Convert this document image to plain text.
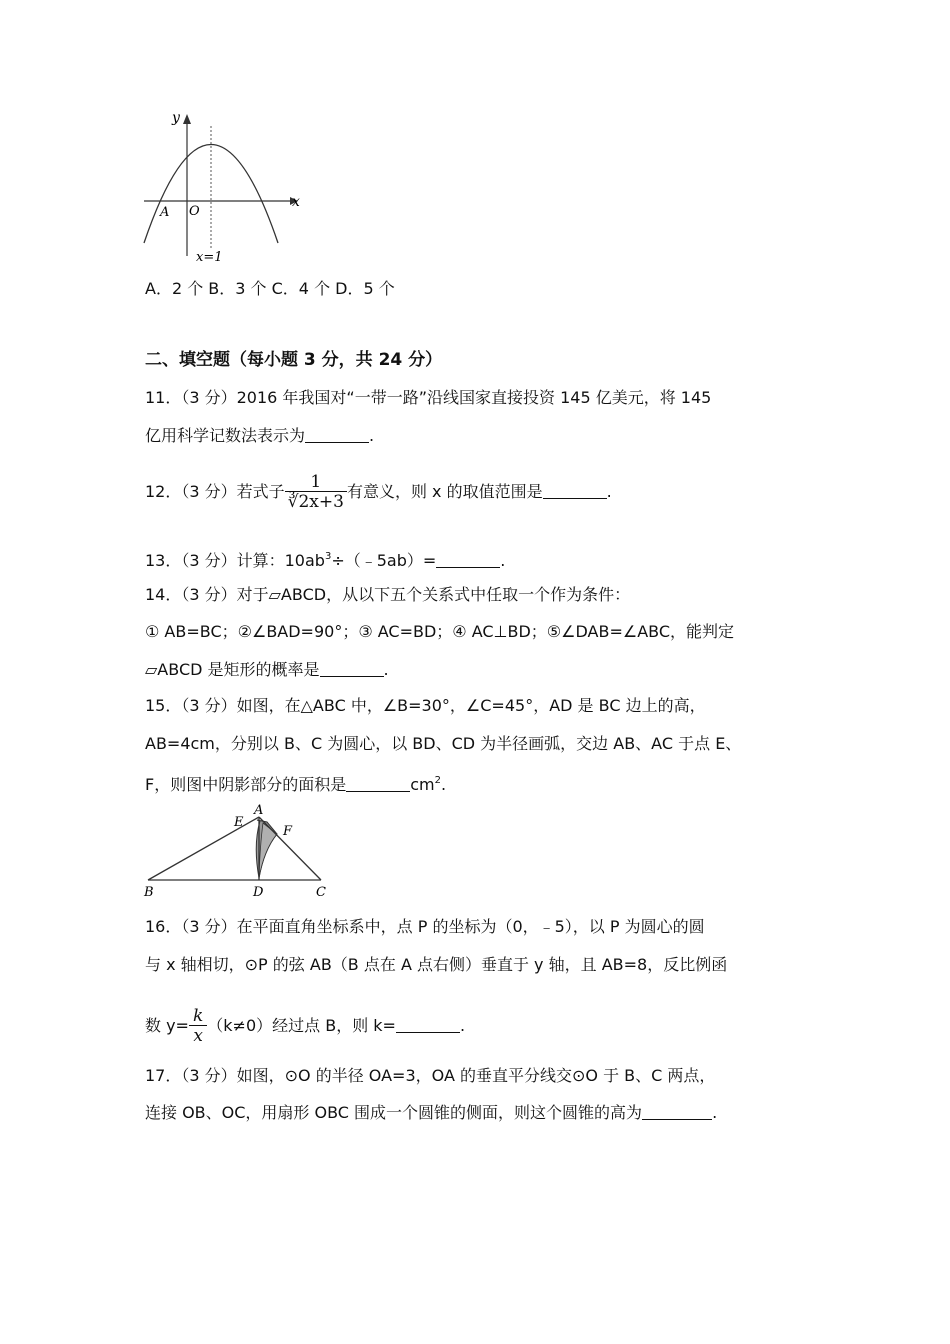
y
x
O
A
x=1
A．2 个 B．3 个 C．4 个 D．5 个
二、填空题（每小题 3 分，共 24 分）
11．（3 分）2016 年我国对“一带一路”沿线国家直接投资 145 亿美元，将 145
亿用科学记数法表示为	.
12．（3 分）若式子 $\frac{1}{∛2x+3}$ 有意义，则 x 的取值范围是	.
13．（3 分）计算：$10ab^3\div(﹣5ab)=$	.
14．（3 分）对于▱ABCD，从以下五个关系式中任取一个作为条件：
① AB=BC；②∠BAD=90°；③ AC=BD；④ AC⊥BD；⑤∠DAB=∠ABC，能判定
▱ABCD 是矩形的概率是	.
15．（3 分）如图，在△ABC 中，∠B=30°，∠C=45°，AD 是 BC 边上的高，
AB=4cm，分别以 B、C 为圆心，以 BD、CD 为半径画弧，交边 AB、AC 于点 E、
F，则图中阴影部分的面积是	$cm^2$.
A
B	C
D
E
F
16．（3 分）在平面直角坐标系中，点 P 的坐标为（0，﹣5），以 P 为圆心的圆
与 x 轴相切，⊙P 的弦 AB（B 点在 A 点右侧）垂直于 y 轴，且 AB=8，反比例函
数 $y= \frac{k}{x} (k\ne 0)$经过点 B，则 k=	.
17．（3 分）如图，⊙O 的半径 OA=3，OA 的垂直平分线交⊙O 于 B、C 两点，
连接 OB、OC，用扇形 OBC 围成一个圆锥的侧面，则这个圆锥的高为	.
